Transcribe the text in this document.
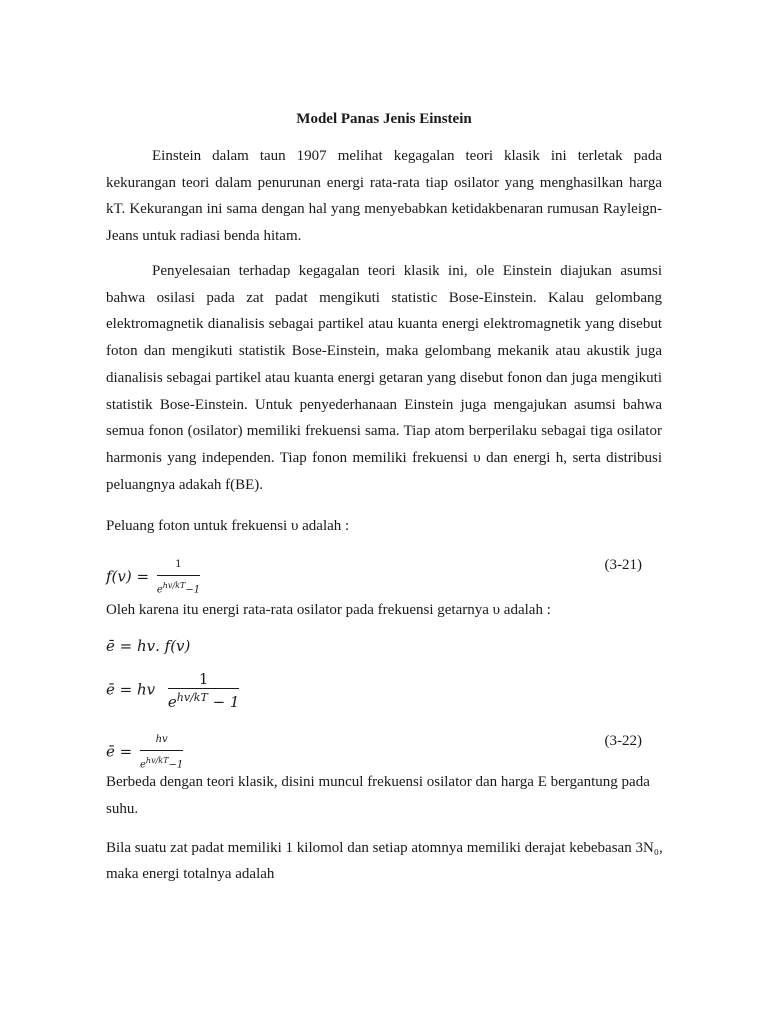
Model Panas Jenis Einstein
Einstein dalam taun 1907 melihat kegagalan teori klasik ini terletak pada kekurangan teori dalam penurunan energi rata-rata tiap osilator yang menghasilkan harga kT. Kekurangan ini sama dengan hal yang menyebabkan ketidakbenaran rumusan Rayleign-Jeans untuk radiasi benda hitam.
Penyelesaian terhadap kegagalan teori klasik ini, ole Einstein diajukan asumsi bahwa osilasi pada zat padat mengikuti statistic Bose-Einstein. Kalau gelombang elektromagnetik dianalisis sebagai partikel atau kuanta energi elektromagnetik yang disebut foton dan mengikuti statistik Bose-Einstein, maka gelombang mekanik atau akustik juga dianalisis sebagai partikel atau kuanta energi getaran yang disebut fonon dan juga mengikuti statistik Bose-Einstein. Untuk penyederhanaan Einstein juga mengajukan asumsi bahwa semua fonon (osilator) memiliki frekuensi sama. Tiap atom berperilaku sebagai tiga osilator harmonis yang independen. Tiap fonon memiliki frekuensi υ dan energi h, serta distribusi peluangnya adakah f(BE).
Peluang foton untuk frekuensi υ adalah :
𝑓(𝑣) = $\frac{1}{𝑒^{ℎ𝑣/𝑘𝑇}-1}$	(3-21)
Oleh karena itu energi rata-rata osilator pada frekuensi getarnya υ adalah :
𝑒̄ = ℎ𝑣. 𝑓(𝑣)
𝑒̄ = ℎ𝑣 $\frac{1}{𝑒^{ℎ𝑣/𝑘𝑇} - 1}$
𝑒̄ = $\frac{\text{ℎ𝑣}}{𝑒^{ℎ𝑣/𝑘𝑇}-1}$	(3-22)
Berbeda dengan teori klasik, disini muncul frekuensi osilator dan harga E bergantung pada
suhu.
Bila suatu zat padat memiliki 1 kilomol dan setiap atomnya memiliki derajat kebebasan 3N₀,
maka energi totalnya adalah
